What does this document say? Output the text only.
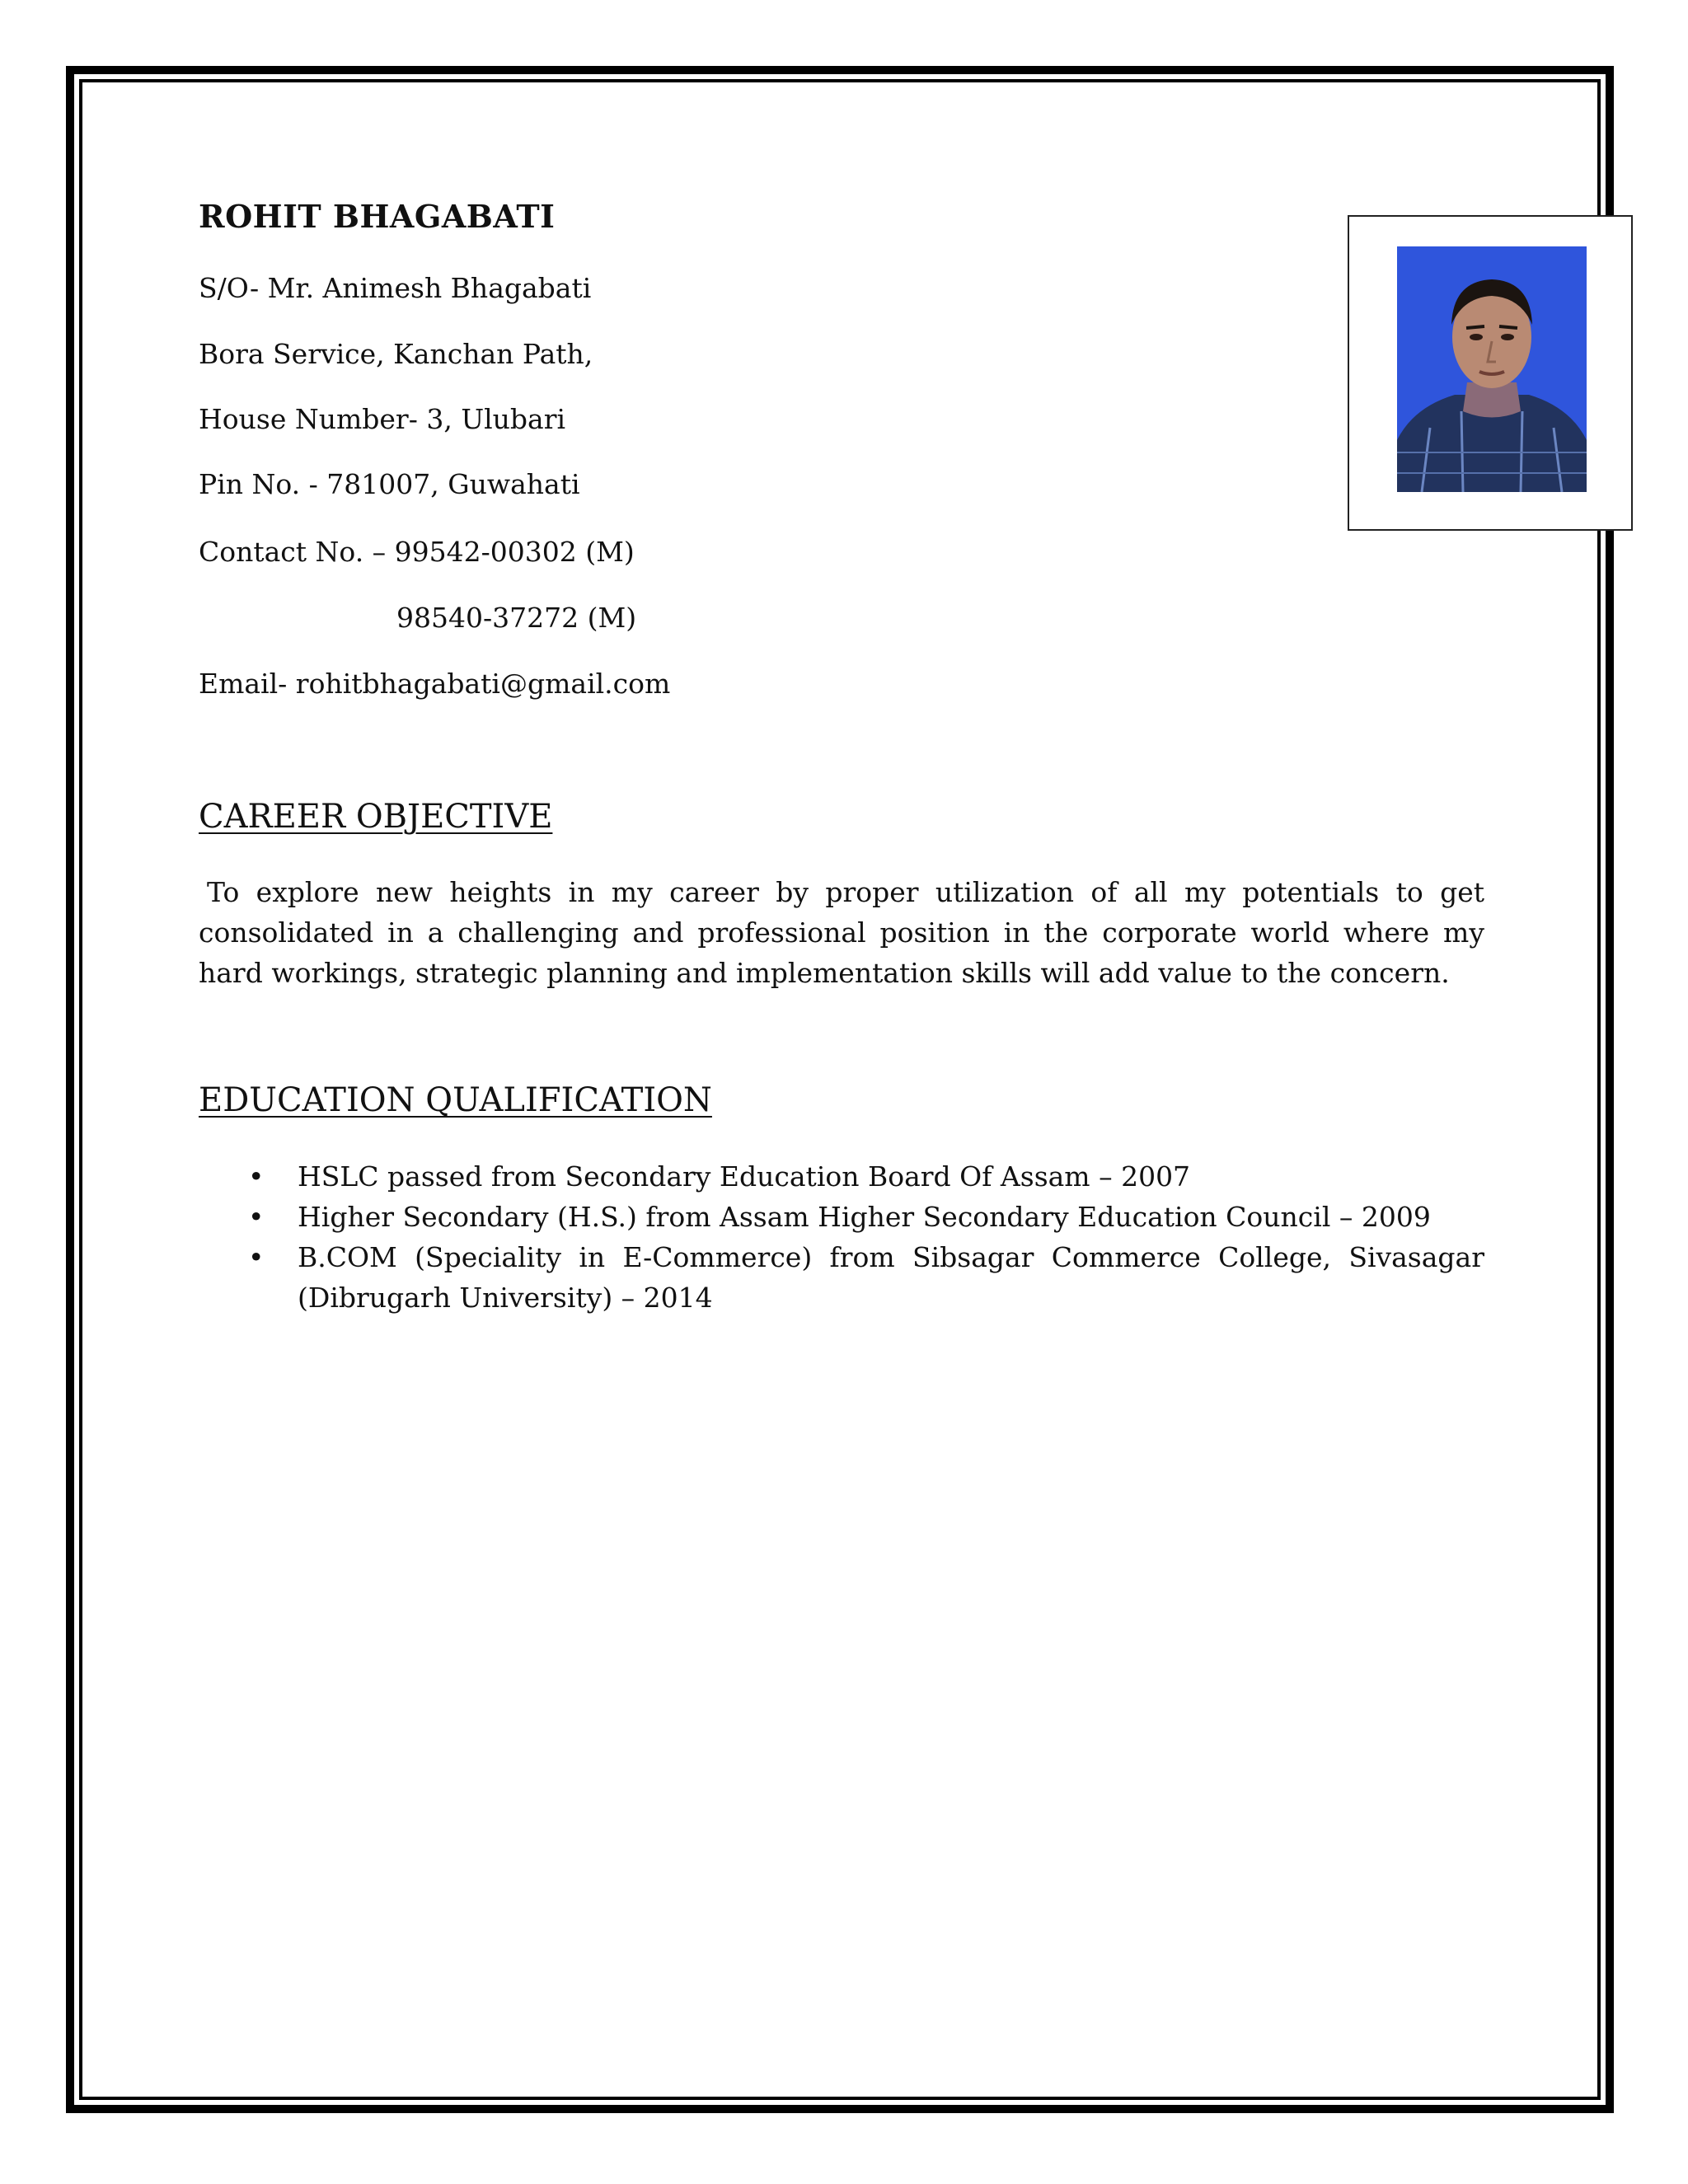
ROHIT BHAGABATI
S/O- Mr. Animesh Bhagabati
Bora Service, Kanchan Path,
House Number- 3, Ulubari
Pin No. - 781007, Guwahati
Contact No. – 99542-00302 (M)
98540-37272 (M)
Email- rohitbhagabati@gmail.com
CAREER OBJECTIVE
To explore new heights in my career by proper utilization of all my potentials to get consolidated in a challenging and professional position in the corporate world where my hard workings, strategic planning and implementation skills will add value to the concern.
EDUCATION QUALIFICATION
• HSLC passed from Secondary Education Board Of Assam – 2007
• Higher Secondary (H.S.) from Assam Higher Secondary Education Council – 2009
• B.COM (Speciality in E-Commerce) from Sibsagar Commerce College, Sivasagar (Dibrugarh University) – 2014
